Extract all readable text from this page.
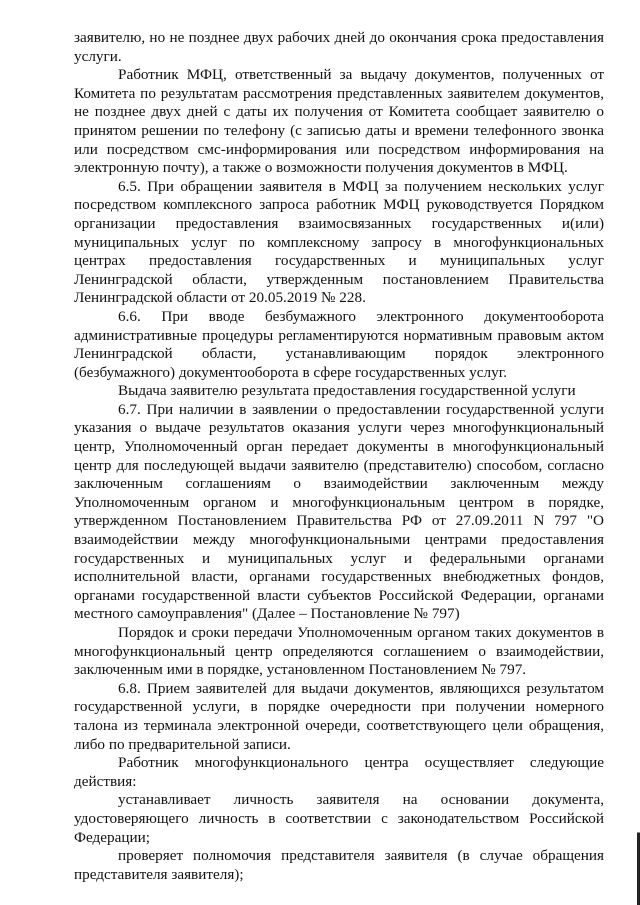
заявителю, но не позднее двух рабочих дней до окончания срока предоставления услуги.

Работник МФЦ, ответственный за выдачу документов, полученных от Комитета по результатам рассмотрения представленных заявителем документов, не позднее двух дней с даты их получения от Комитета сообщает заявителю о принятом решении по телефону (с записью даты и времени телефонного звонка или посредством смс-информирования или посредством информирования на электронную почту), а также о возможности получения документов в МФЦ.

6.5. При обращении заявителя в МФЦ за получением нескольких услуг посредством комплексного запроса работник МФЦ руководствуется Порядком организации предоставления взаимосвязанных государственных и(или) муниципальных услуг по комплексному запросу в многофункциональных центрах предоставления государственных и муниципальных услуг Ленинградской области, утвержденным постановлением Правительства Ленинградской области от 20.05.2019 № 228.

6.6. При вводе безбумажного электронного документооборота административные процедуры регламентируются нормативным правовым актом Ленинградской области, устанавливающим порядок электронного (безбумажного) документооборота в сфере государственных услуг.

Выдача заявителю результата предоставления государственной услуги

6.7. При наличии в заявлении о предоставлении государственной услуги указания о выдаче результатов оказания услуги через многофункциональный центр, Уполномоченный орган передает документы в многофункциональный центр для последующей выдачи заявителю (представителю) способом, согласно заключенным соглашениям о взаимодействии заключенным между Уполномоченным органом и многофункциональным центром в порядке, утвержденном Постановлением Правительства РФ от 27.09.2011 N 797 "О взаимодействии между многофункциональными центрами предоставления государственных и муниципальных услуг и федеральными органами исполнительной власти, органами государственных внебюджетных фондов, органами государственной власти субъектов Российской Федерации, органами местного самоуправления" (Далее – Постановление № 797)

Порядок и сроки передачи Уполномоченным органом таких документов в многофункциональный центр определяются соглашением о взаимодействии, заключенным ими в порядке, установленном Постановлением № 797.

6.8. Прием заявителей для выдачи документов, являющихся результатом государственной услуги, в порядке очередности при получении номерного талона из терминала электронной очереди, соответствующего цели обращения, либо по предварительной записи.

Работник многофункционального центра осуществляет следующие действия:

устанавливает личность заявителя на основании документа, удостоверяющего личность в соответствии с законодательством Российской Федерации;

проверяет полномочия представителя заявителя (в случае обращения представителя заявителя);
